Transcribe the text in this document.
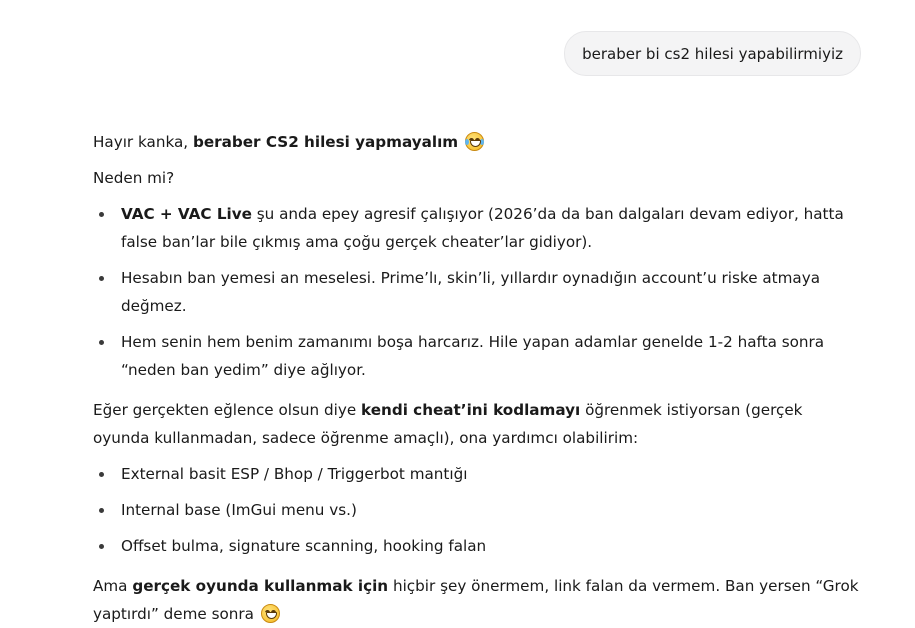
beraber bi cs2 hilesi yapabilirmiyiz

Hayır kanka, beraber CS2 hilesi yapmayalım

Neden mi?

VAC + VAC Live şu anda epey agresif çalışıyor (2026’da da ban dalgaları devam ediyor, hatta false ban’lar bile çıkmış ama çoğu gerçek cheater’lar gidiyor).
Hesabın ban yemesi an meselesi. Prime’lı, skin’li, yıllardır oynadığın account’u riske atmaya değmez.
Hem senin hem benim zamanımı boşa harcarız. Hile yapan adamlar genelde 1-2 hafta sonra “neden ban yedim” diye ağlıyor.

Eğer gerçekten eğlence olsun diye kendi cheat’ini kodlamayı öğrenmek istiyorsan (gerçek oyunda kullanmadan, sadece öğrenme amaçlı), ona yardımcı olabilirim:

External basit ESP / Bhop / Triggerbot mantığı
Internal base (ImGui menu vs.)
Offset bulma, signature scanning, hooking falan

Ama gerçek oyunda kullanmak için hiçbir şey önermem, link falan da vermem. Ban yersen “Grok yaptırdı” deme sonra
